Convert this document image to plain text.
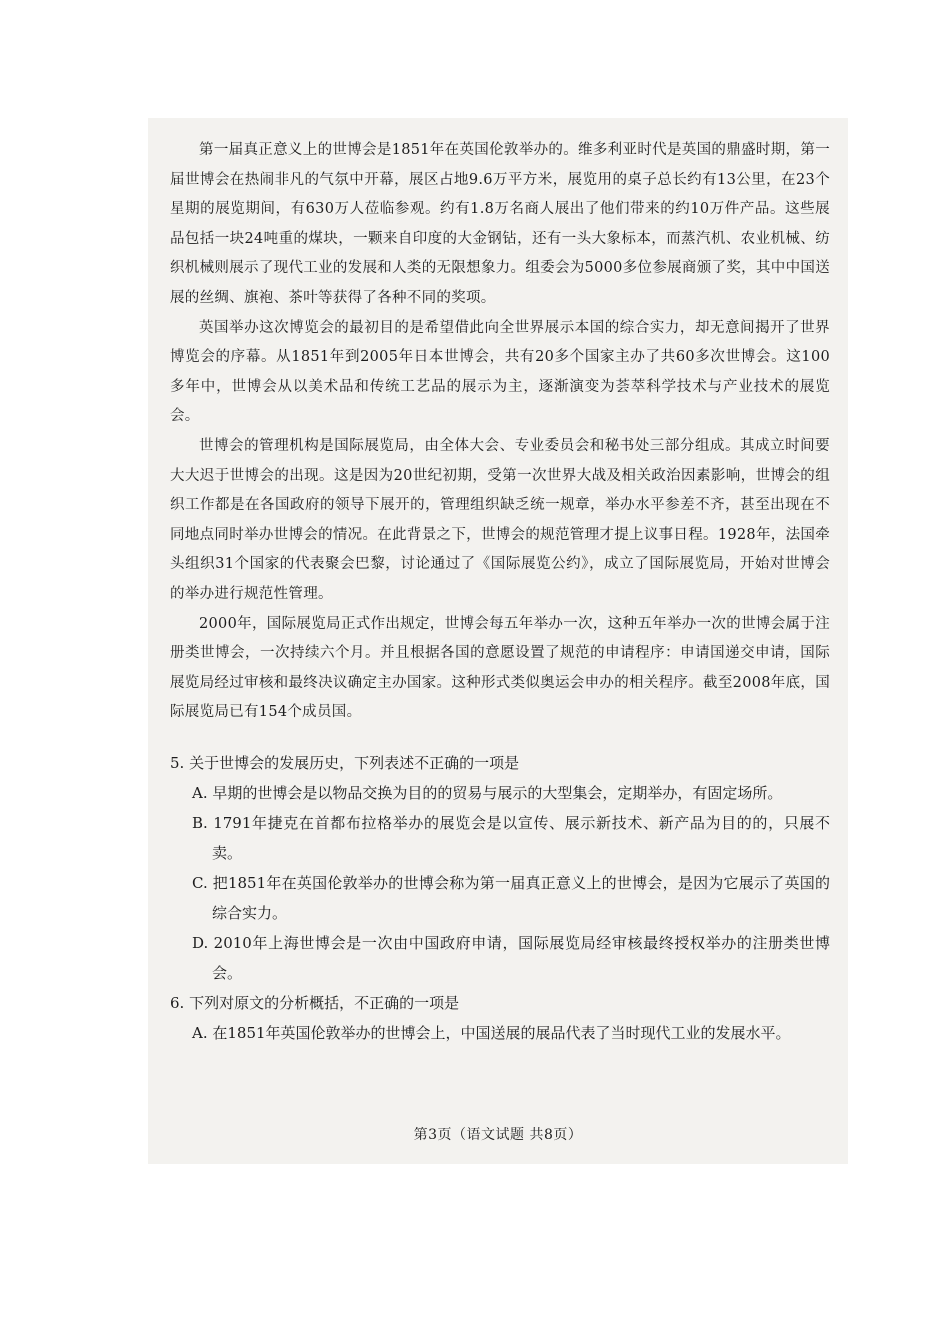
第一届真正意义上的世博会是1851年在英国伦敦举办的。维多利亚时代是英国的鼎盛时期，第一届世博会在热闹非凡的气氛中开幕，展区占地9.6万平方米，展览用的桌子总长约有13公里，在23个星期的展览期间，有630万人莅临参观。约有1.8万名商人展出了他们带来的约10万件产品。这些展品包括一块24吨重的煤块，一颗来自印度的大金钢钻，还有一头大象标本，而蒸汽机、农业机械、纺织机械则展示了现代工业的发展和人类的无限想象力。组委会为5000多位参展商颁了奖，其中中国送展的丝绸、旗袍、茶叶等获得了各种不同的奖项。

英国举办这次博览会的最初目的是希望借此向全世界展示本国的综合实力，却无意间揭开了世界博览会的序幕。从1851年到2005年日本世博会，共有20多个国家主办了共60多次世博会。这100多年中，世博会从以美术品和传统工艺品的展示为主，逐渐演变为荟萃科学技术与产业技术的展览会。

世博会的管理机构是国际展览局，由全体大会、专业委员会和秘书处三部分组成。其成立时间要大大迟于世博会的出现。这是因为20世纪初期，受第一次世界大战及相关政治因素影响，世博会的组织工作都是在各国政府的领导下展开的，管理组织缺乏统一规章，举办水平参差不齐，甚至出现在不同地点同时举办世博会的情况。在此背景之下，世博会的规范管理才提上议事日程。1928年，法国牵头组织31个国家的代表聚会巴黎，讨论通过了《国际展览公约》，成立了国际展览局，开始对世博会的举办进行规范性管理。

2000年，国际展览局正式作出规定，世博会每五年举办一次，这种五年举办一次的世博会属于注册类世博会，一次持续六个月。并且根据各国的意愿设置了规范的申请程序：申请国递交申请，国际展览局经过审核和最终决议确定主办国家。这种形式类似奥运会申办的相关程序。截至2008年底，国际展览局已有154个成员国。

5. 关于世博会的发展历史，下列表述不正确的一项是

A. 早期的世博会是以物品交换为目的的贸易与展示的大型集会，定期举办，有固定场所。

B. 1791年捷克在首都布拉格举办的展览会是以宣传、展示新技术、新产品为目的的，只展不卖。

C. 把1851年在英国伦敦举办的世博会称为第一届真正意义上的世博会，是因为它展示了英国的综合实力。

D. 2010年上海世博会是一次由中国政府申请，国际展览局经审核最终授权举办的注册类世博会。

6. 下列对原文的分析概括，不正确的一项是

A. 在1851年英国伦敦举办的世博会上，中国送展的展品代表了当时现代工业的发展水平。

第3页（语文试题 共8页）
